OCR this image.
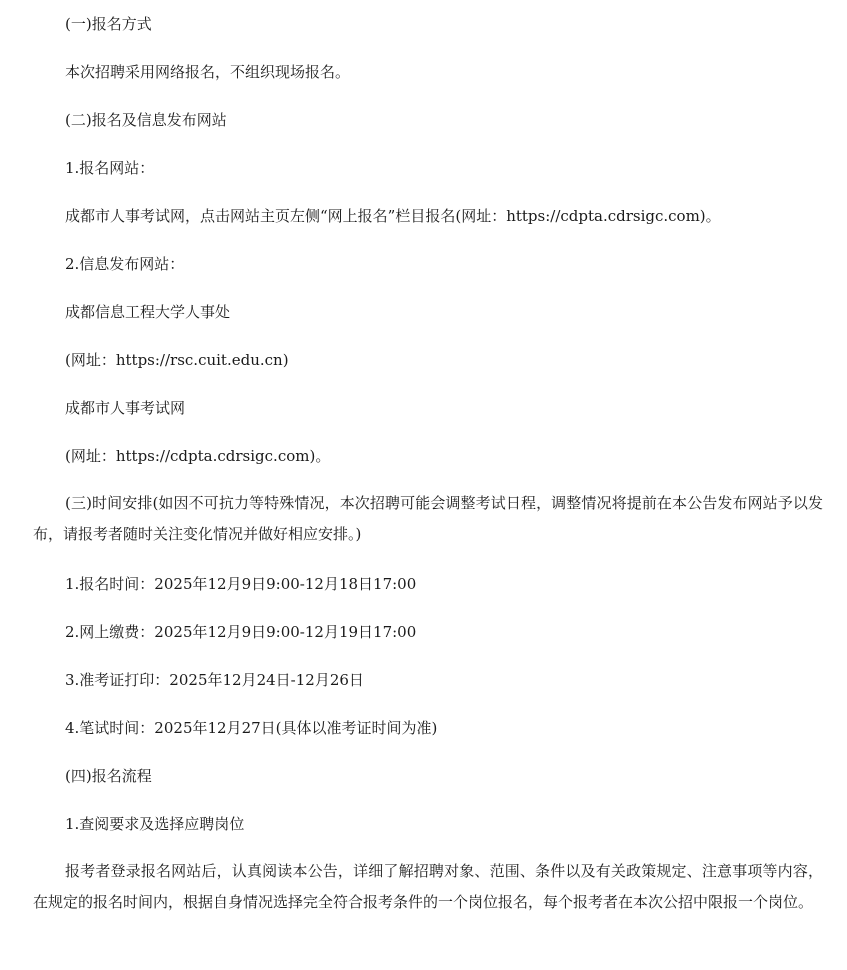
(一)报名方式
本次招聘采用网络报名，不组织现场报名。
(二)报名及信息发布网站
1.报名网站：
成都市人事考试网，点击网站主页左侧“网上报名”栏目报名(网址：https://cdpta.cdrsigc.com)。
2.信息发布网站：
成都信息工程大学人事处
(网址：https://rsc.cuit.edu.cn)
成都市人事考试网
(网址：https://cdpta.cdrsigc.com)。
(三)时间安排(如因不可抗力等特殊情况，本次招聘可能会调整考试日程，调整情况将提前在本公告发布网站予以发布，请报考者随时关注变化情况并做好相应安排。)
1.报名时间：2025年12月9日9:00-12月18日17:00
2.网上缴费：2025年12月9日9:00-12月19日17:00
3.准考证打印：2025年12月24日-12月26日
4.笔试时间：2025年12月27日(具体以准考证时间为准)
(四)报名流程
1.查阅要求及选择应聘岗位
报考者登录报名网站后，认真阅读本公告，详细了解招聘对象、范围、条件以及有关政策规定、注意事项等内容，在规定的报名时间内，根据自身情况选择完全符合报考条件的一个岗位报名，每个报考者在本次公招中限报一个岗位。
